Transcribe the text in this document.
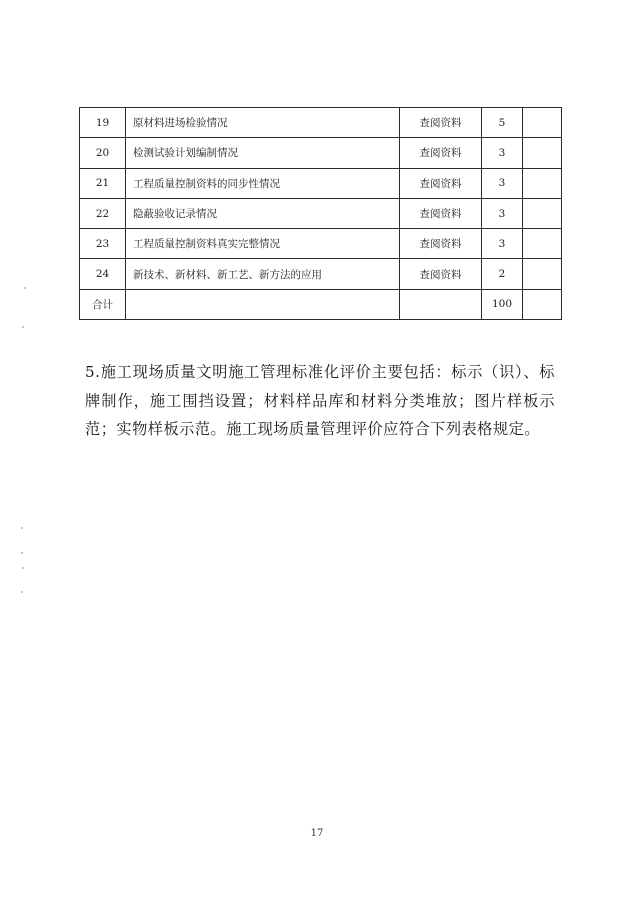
19	原材料进场检验情况	查阅资料	5	
20	检测试验计划编制情况	查阅资料	3	
21	工程质量控制资料的同步性情况	查阅资料	3	
22	隐蔽验收记录情况	查阅资料	3	
23	工程质量控制资料真实完整情况	查阅资料	3	
24	新技术、新材料、新工艺、新方法的应用	查阅资料	2	
合计			100	
5.施工现场质量文明施工管理标准化评价主要包括：标示（识）、标牌制作，施工围挡设置；材料样品库和材料分类堆放；图片样板示范；实物样板示范。施工现场质量管理评价应符合下列表格规定。
17
